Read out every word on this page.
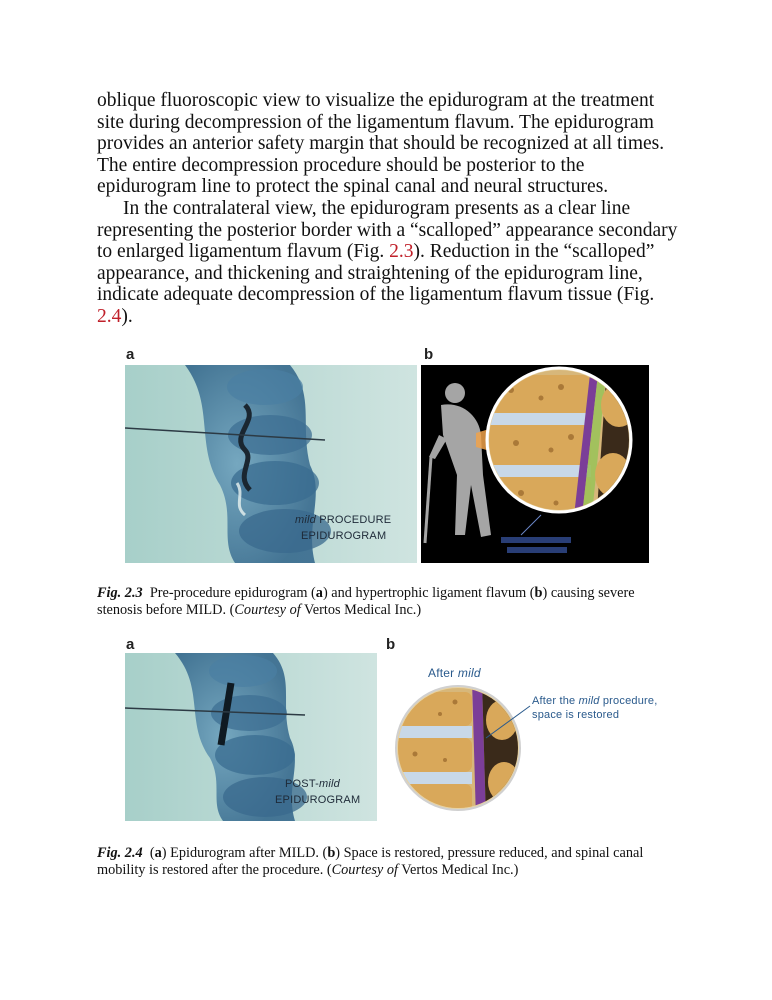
oblique fluoroscopic view to visualize the epidurogram at the treatment site during decompression of the ligamentum flavum. The epidurogram provides an anterior safety margin that should be recognized at all times. The entire decompression procedure should be posterior to the epidurogram line to protect the spinal canal and neural structures.

In the contralateral view, the epidurogram presents as a clear line representing the posterior border with a “scalloped” appearance secondary to enlarged ligamentum flavum (Fig. 2.3). Reduction in the “scalloped” appearance, and thickening and straightening of the epidurogram line, indicate adequate decompression of the ligamentum flavum tissue (Fig. 2.4).

a	b
mild PROCEDURE
EPIDUROGRAM

Fig. 2.3 Pre-procedure epidurogram (a) and hypertrophic ligament flavum (b) causing severe stenosis before MILD. (Courtesy of Vertos Medical Inc.)

a	b
POST-mild
EPIDUROGRAM
After mild
After the mild procedure,
space is restored

Fig. 2.4 (a) Epidurogram after MILD. (b) Space is restored, pressure reduced, and spinal canal mobility is restored after the procedure. (Courtesy of Vertos Medical Inc.)
